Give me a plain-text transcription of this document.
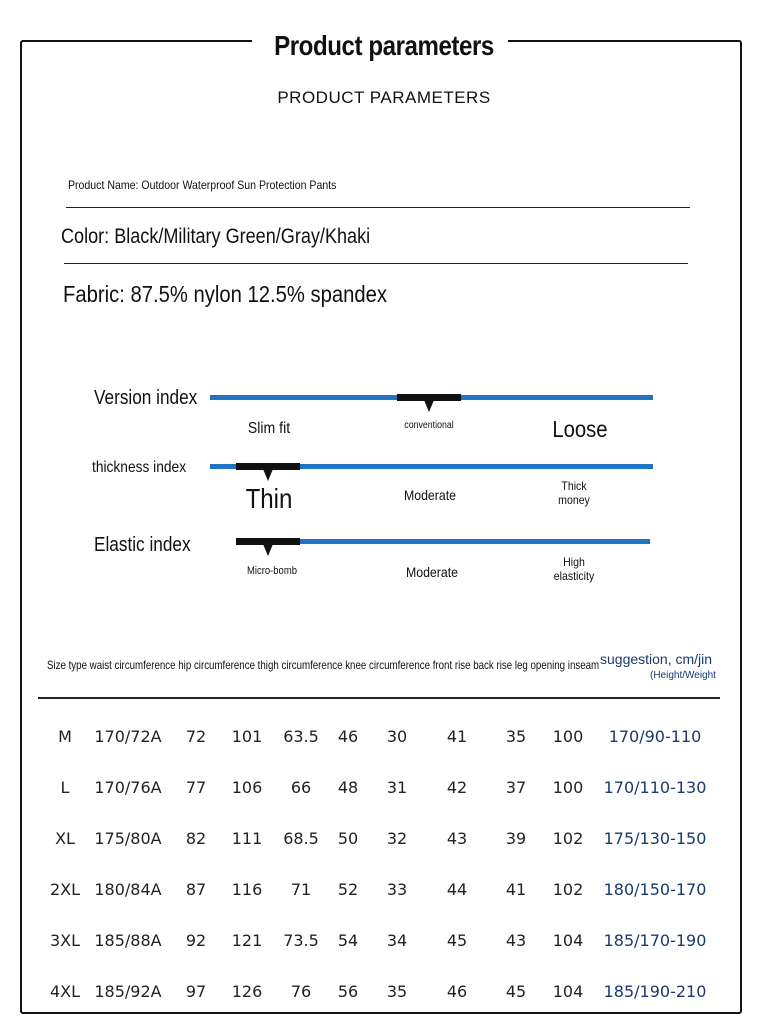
Product parameters
PRODUCT PARAMETERS
Product Name: Outdoor Waterproof Sun Protection Pants
Color: Black/Military Green/Gray/Khaki
Fabric: 87.5% nylon 12.5% spandex
Version index
Slim fit	conventional	Loose
thickness index
Thin	Moderate
Thick
money
Elastic index
Micro-bomb	Moderate
High
elasticity
Size type waist circumference hip circumference thigh circumference knee circumference front rise back rise leg opening inseam suggestion, cm/jin
(Height/Weight
M	170/72A	72	101	63.5	46	30	41	35	100	170/90-110
L	170/76A	77	106	66	48	31	42	37	100	170/110-130
XL	175/80A	82	111	68.5	50	32	43	39	102	175/130-150
2XL 180/84A	87	116	71	52	33	44	41	102	180/150-170
3XL 185/88A	92	121	73.5	54	34	45	43	104	185/170-190
4XL 185/92A	97	126	76	56	35	46	45	104	185/190-210
